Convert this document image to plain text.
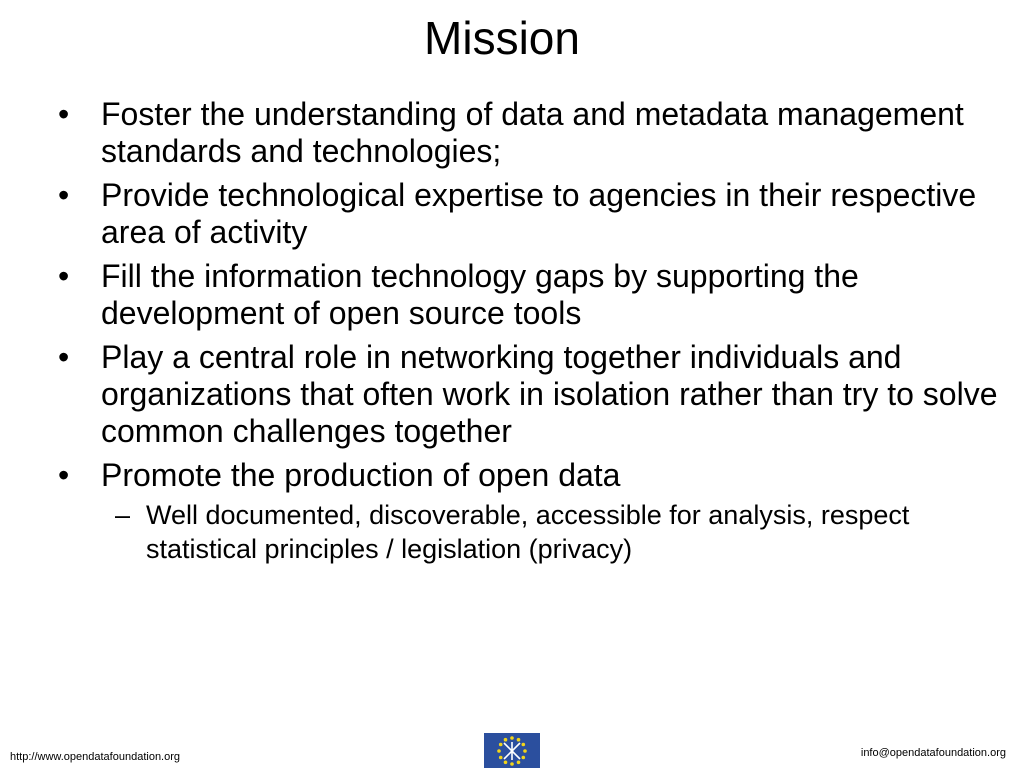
Mission
• Foster the understanding of data and metadata management standards and technologies;
• Provide technological expertise to agencies in their respective area of activity
• Fill the information technology gaps by supporting the development of open source tools
• Play a central role in networking together individuals and organizations that often work in isolation rather than try to solve common challenges together
• Promote the production of open data
– Well documented, discoverable, accessible for analysis, respect statistical principles / legislation (privacy)
http://www.opendatafoundation.org	info@opendatafoundation.org
